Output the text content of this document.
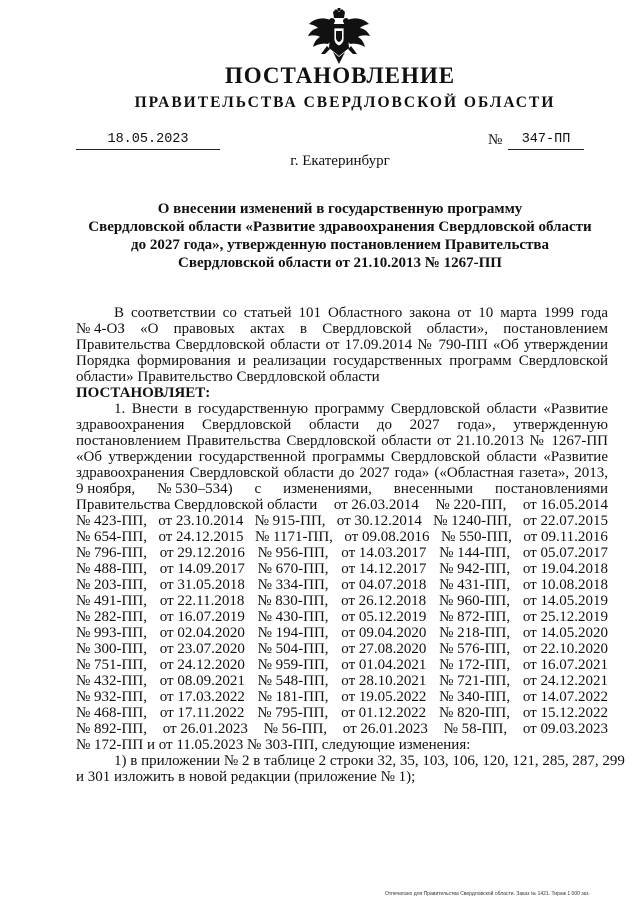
ПОСТАНОВЛЕНИЕ
ПРАВИТЕЛЬСТВА СВЕРДЛОВСКОЙ ОБЛАСТИ
18.05.2023	№	347-ПП
г. Екатеринбург
О внесении изменений в государственную программу
Свердловской области «Развитие здравоохранения Свердловской области
до 2027 года», утвержденную постановлением Правительства
Свердловской области от 21.10.2013 № 1267-ПП
В соответствии со статьей 101 Областного закона от 10 марта 1999 года
№ 4-ОЗ «О правовых актах в Свердловской области», постановлением
Правительства Свердловской области от 17.09.2014 № 790-ПП «Об утверждении
Порядка формирования и реализации государственных программ Свердловской
области» Правительство Свердловской области
ПОСТАНОВЛЯЕТ:
1. Внести в государственную программу Свердловской области «Развитие
здравоохранения Свердловской области до 2027 года», утвержденную
постановлением Правительства Свердловской области от 21.10.2013 № 1267-ПП
«Об утверждении государственной программы Свердловской области «Развитие
здравоохранения Свердловской области до 2027 года» («Областная газета», 2013,
9 ноября, № 530–534) с изменениями, внесенными постановлениями
Правительства Свердловской области от 26.03.2014 № 220-ПП, от 16.05.2014
№ 423-ПП, от 23.10.2014 № 915-ПП, от 30.12.2014 № 1240-ПП, от 22.07.2015
№ 654-ПП, от 24.12.2015 № 1171-ПП, от 09.08.2016 № 550-ПП, от 09.11.2016
№ 796-ПП, от 29.12.2016 № 956-ПП, от 14.03.2017 № 144-ПП, от 05.07.2017
№ 488-ПП, от 14.09.2017 № 670-ПП, от 14.12.2017 № 942-ПП, от 19.04.2018
№ 203-ПП, от 31.05.2018 № 334-ПП, от 04.07.2018 № 431-ПП, от 10.08.2018
№ 491-ПП, от 22.11.2018 № 830-ПП, от 26.12.2018 № 960-ПП, от 14.05.2019
№ 282-ПП, от 16.07.2019 № 430-ПП, от 05.12.2019 № 872-ПП, от 25.12.2019
№ 993-ПП, от 02.04.2020 № 194-ПП, от 09.04.2020 № 218-ПП, от 14.05.2020
№ 300-ПП, от 23.07.2020 № 504-ПП, от 27.08.2020 № 576-ПП, от 22.10.2020
№ 751-ПП, от 24.12.2020 № 959-ПП, от 01.04.2021 № 172-ПП, от 16.07.2021
№ 432-ПП, от 08.09.2021 № 548-ПП, от 28.10.2021 № 721-ПП, от 24.12.2021
№ 932-ПП, от 17.03.2022 № 181-ПП, от 19.05.2022 № 340-ПП, от 14.07.2022
№ 468-ПП, от 17.11.2022 № 795-ПП, от 01.12.2022 № 820-ПП, от 15.12.2022
№ 892-ПП, от 26.01.2023 № 56-ПП, от 26.01.2023 № 58-ПП, от 09.03.2023
№ 172-ПП и от 11.05.2023 № 303-ПП, следующие изменения:
1) в приложении № 2 в таблице 2 строки 32, 35, 103, 106, 120, 121, 285, 287, 299
и 301 изложить в новой редакции (приложение № 1);
Отпечатано для Правительства Свердловской области. Заказ № 1421. Тираж 1 000 экз.
